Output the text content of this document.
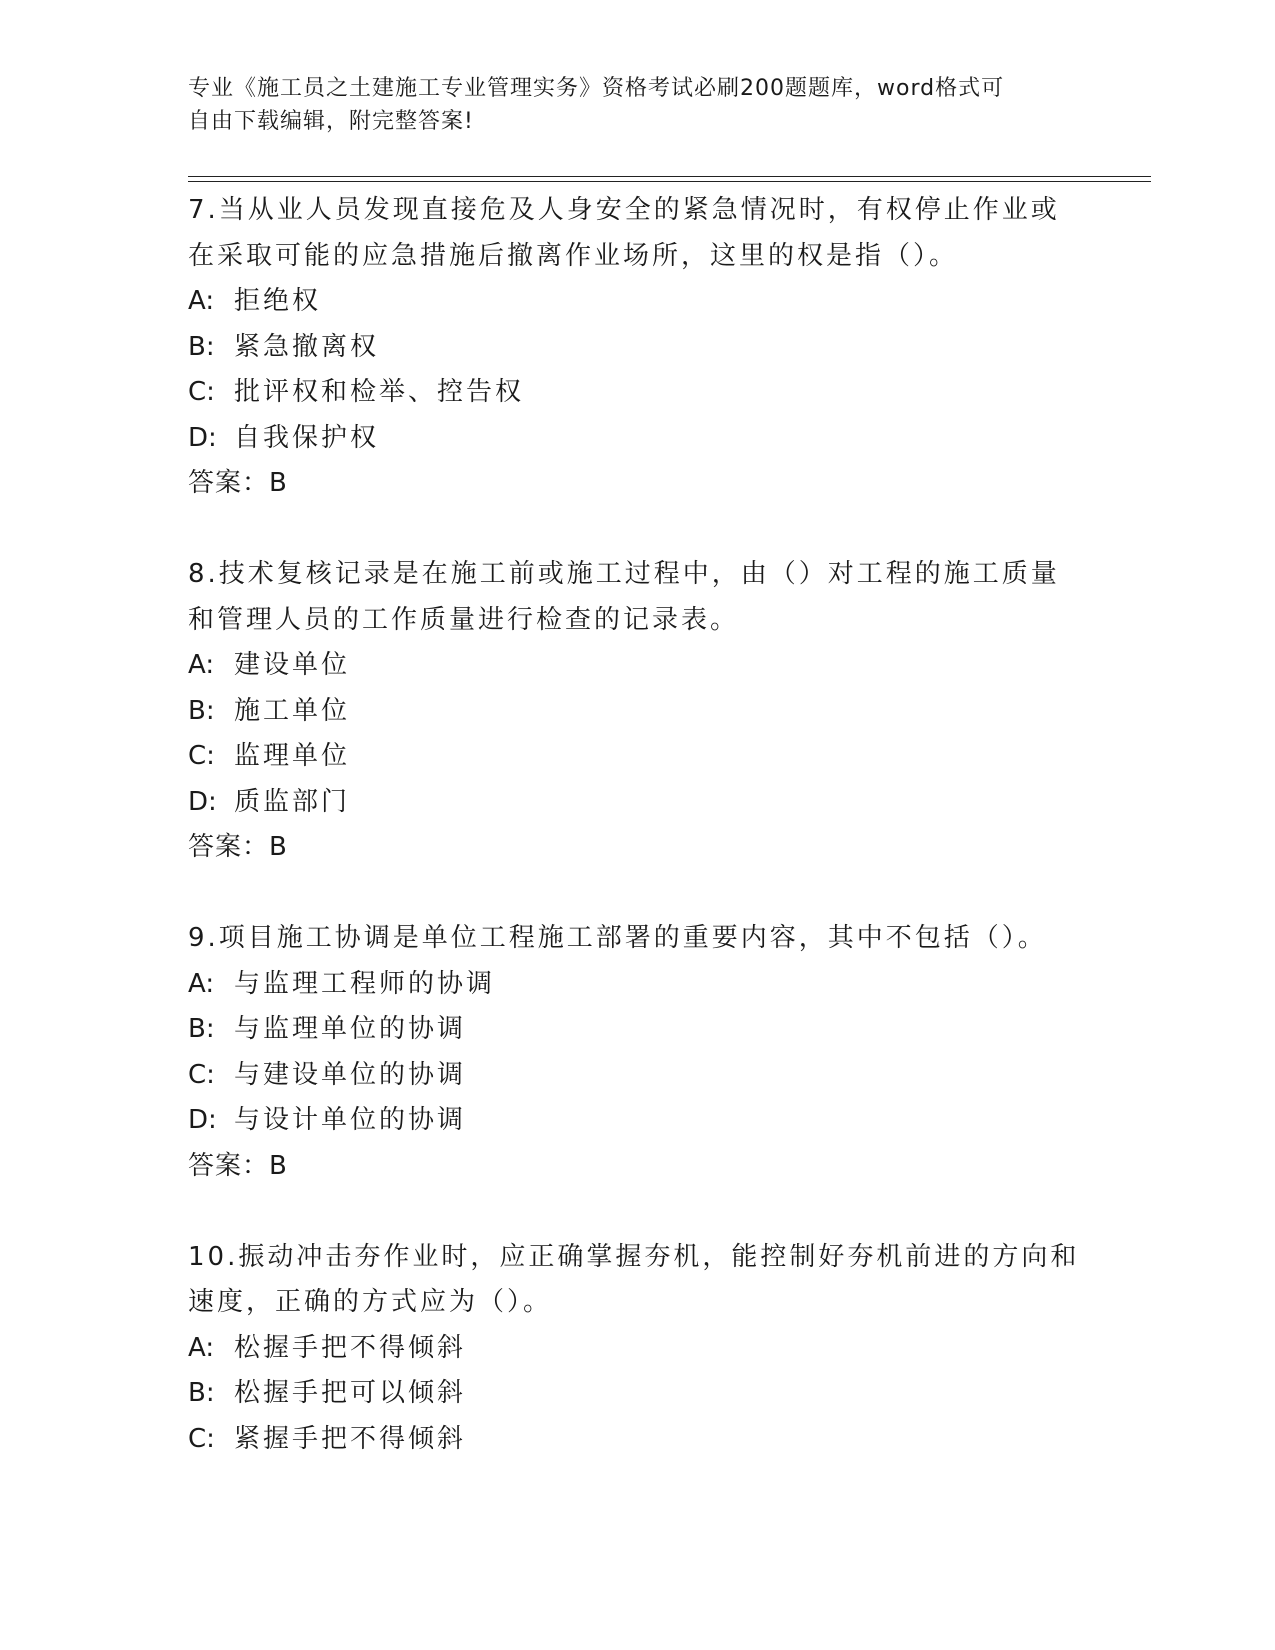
专业《施工员之土建施工专业管理实务》资格考试必刷200题题库，word格式可
自由下载编辑，附完整答案!

7.当从业人员发现直接危及人身安全的紧急情况时，有权停止作业或

在采取可能的应急措施后撤离作业场所，这里的权是指（）。

A: 拒绝权

B: 紧急撤离权

C: 批评权和检举、控告权

D: 自我保护权

答案：B

8.技术复核记录是在施工前或施工过程中，由（）对工程的施工质量

和管理人员的工作质量进行检查的记录表。

A: 建设单位

B: 施工单位

C: 监理单位

D: 质监部门

答案：B

9.项目施工协调是单位工程施工部署的重要内容，其中不包括（）。

A: 与监理工程师的协调

B: 与监理单位的协调

C: 与建设单位的协调

D: 与设计单位的协调

答案：B

10.振动冲击夯作业时，应正确掌握夯机，能控制好夯机前进的方向和

速度，正确的方式应为（）。

A: 松握手把不得倾斜

B: 松握手把可以倾斜

C: 紧握手把不得倾斜
